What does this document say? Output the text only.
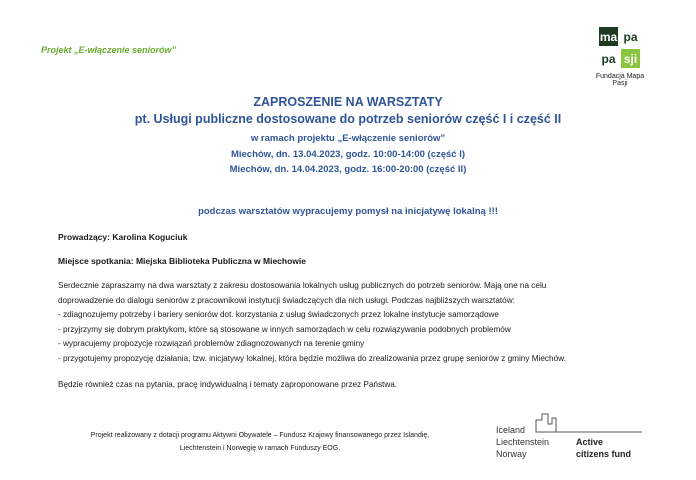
Projekt „E-włączenie seniorów”
ma pa
pa sji
Fundacja Mapa Pasji
ZAPROSZENIE NA WARSZTATY
pt. Usługi publiczne dostosowane do potrzeb seniorów część I i część II
w ramach projektu „E-włączenie seniorów”
Miechów, dn. 13.04.2023, godz. 10:00-14:00 (część I)
Miechów, dn. 14.04.2023, godz. 16:00-20:00 (część II)
podczas warsztatów wypracujemy pomysł na inicjatywę lokalną !!!
Prowadzący: Karolina Koguciuk
Miejsce spotkania: Miejska Biblioteka Publiczna w Miechowie

Serdecznie zapraszamy na dwa warsztaty z zakresu dostosowania lokalnych usług publicznych do potrzeb seniorów. Mają one na celu

doprowadzenie do dialogu seniorów z pracownikowi instytucji świadczących dla nich usługi. Podczas najbliższych warsztatów:

- zdiagnozujemy potrzeby i bariery seniorów dot. korzystania z usług świadczonych przez lokalne instytucje samorządowe

- przyjrzymy się dobrym praktykom, które są stosowane w innych samorządach w celu rozwiązywania podobnych problemów

- wypracujemy propozycje rozwiązań problemów zdiagnozowanych na terenie gminy

- przygotujemy propozycję działania, tzw. inicjatywy lokalnej, która będzie możliwa do zrealizowania przez grupę seniorów z gminy Miechów.

Będzie również czas na pytania, pracę indywidualną i tematy zaproponowane przez Państwa.
Projekt realizowany z dotacji programu Aktywni Obywatele – Fundusz Krajowy finansowanego przez Islandię,
Liechtenstein i Norwegię w ramach Funduszy EOG.
Iceland
Liechtenstein
Norway
Active
citizens fund
